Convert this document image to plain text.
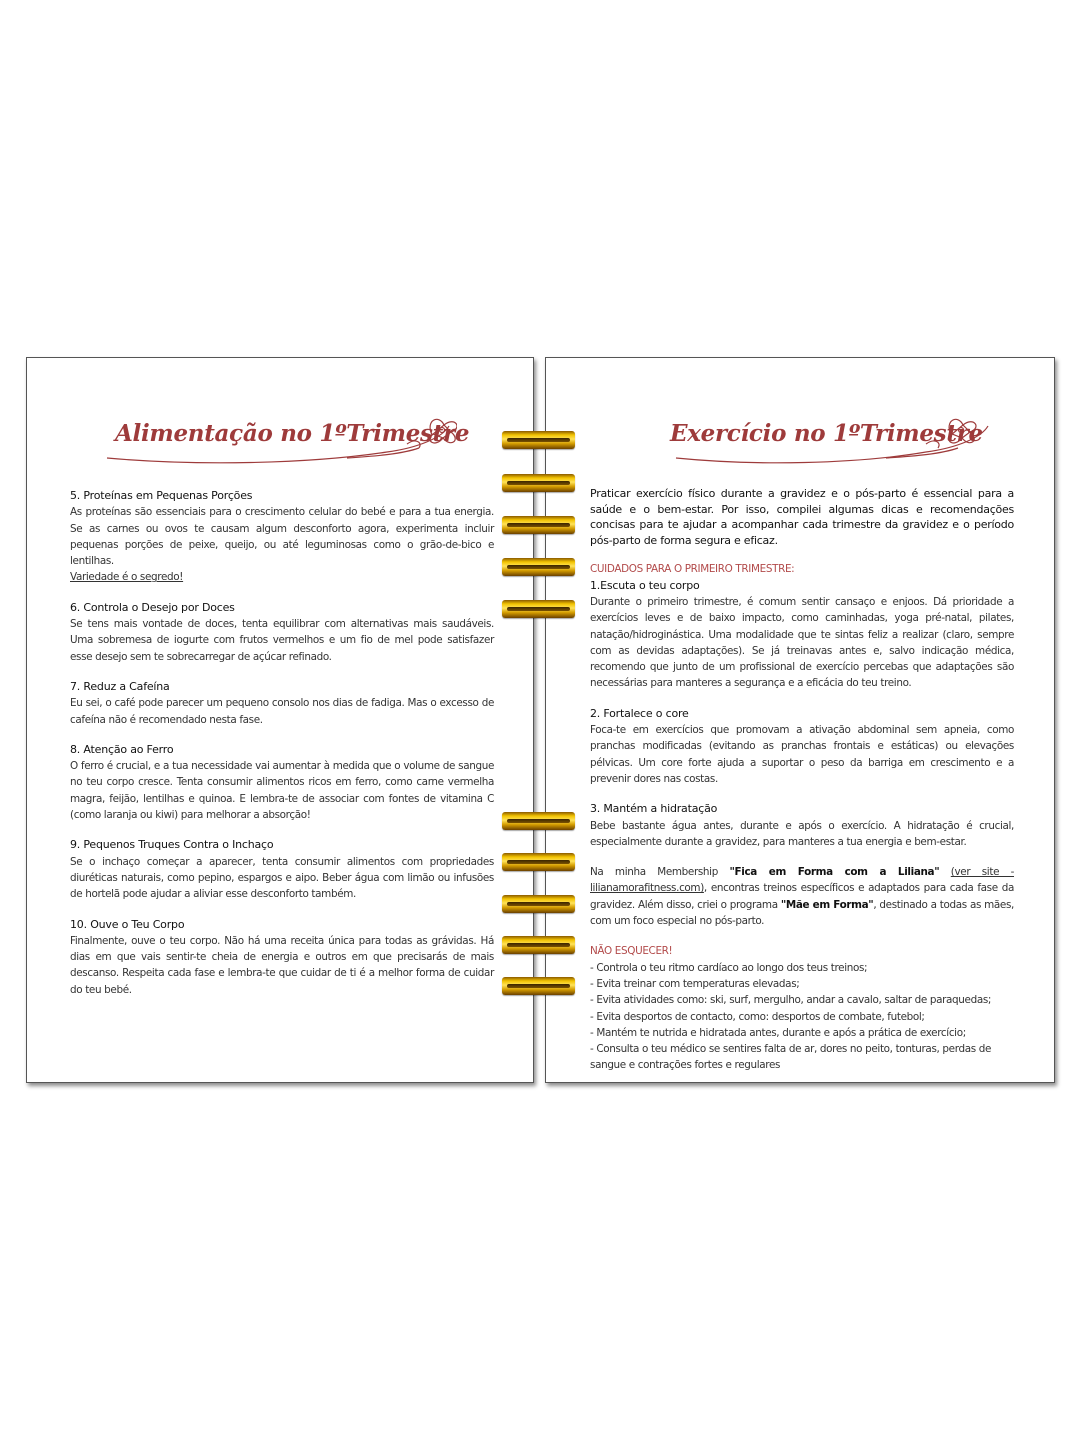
Alimentação no 1ºTrimestre
5. Proteínas em Pequenas Porções
As proteínas são essenciais para o crescimento celular do bebé e para a tua energia. Se as carnes ou ovos te causam algum desconforto agora, experimenta incluir pequenas porções de peixe, queijo, ou até leguminosas como o grão-de-bico e lentilhas.
Variedade é o segredo!
6. Controla o Desejo por Doces
Se tens mais vontade de doces, tenta equilibrar com alternativas mais saudáveis. Uma sobremesa de iogurte com frutos vermelhos e um fio de mel pode satisfazer esse desejo sem te sobrecarregar de açúcar refinado.
7. Reduz a Cafeína
Eu sei, o café pode parecer um pequeno consolo nos dias de fadiga. Mas o excesso de cafeína não é recomendado nesta fase.
8. Atenção ao Ferro
O ferro é crucial, e a tua necessidade vai aumentar à medida que o volume de sangue no teu corpo cresce. Tenta consumir alimentos ricos em ferro, como carne vermelha magra, feijão, lentilhas e quinoa. E lembra-te de associar com fontes de vitamina C (como laranja ou kiwi) para melhorar a absorção!
9. Pequenos Truques Contra o Inchaço
Se o inchaço começar a aparecer, tenta consumir alimentos com propriedades diuréticas naturais, como pepino, espargos e aipo. Beber água com limão ou infusões de hortelã pode ajudar a aliviar esse desconforto também.
10. Ouve o Teu Corpo
Finalmente, ouve o teu corpo. Não há uma receita única para todas as grávidas. Há dias em que vais sentir-te cheia de energia e outros em que precisarás de mais descanso. Respeita cada fase e lembra-te que cuidar de ti é a melhor forma de cuidar do teu bebé.
Exercício no 1ºTrimestre
Praticar exercício físico durante a gravidez e o pós-parto é essencial para a saúde e o bem-estar. Por isso, compilei algumas dicas e recomendações concisas para te ajudar a acompanhar cada trimestre da gravidez e o período pós-parto de forma segura e eficaz.
CUIDADOS PARA O PRIMEIRO TRIMESTRE:
1.Escuta o teu corpo
Durante o primeiro trimestre, é comum sentir cansaço e enjoos. Dá prioridade a exercícios leves e de baixo impacto, como caminhadas, yoga pré-natal, pilates, natação/hidroginástica. Uma modalidade que te sintas feliz a realizar (claro, sempre com as devidas adaptações). Se já treinavas antes e, salvo indicação médica, recomendo que junto de um profissional de exercício percebas que adaptações são necessárias para manteres a segurança e a eficácia do teu treino.
2. Fortalece o core
Foca-te em exercícios que promovam a ativação abdominal sem apneia, como pranchas modificadas (evitando as pranchas frontais e estáticas) ou elevações pélvicas. Um core forte ajuda a suportar o peso da barriga em crescimento e a prevenir dores nas costas.
3. Mantém a hidratação
Bebe bastante água antes, durante e após o exercício. A hidratação é crucial, especialmente durante a gravidez, para manteres a tua energia e bem-estar.
Na minha Membership "Fica em Forma com a Liliana" (ver site - lilianamorafitness.com), encontras treinos específicos e adaptados para cada fase da gravidez. Além disso, criei o programa "Mãe em Forma", destinado a todas as mães, com um foco especial no pós-parto.
NÃO ESQUECER!
- Controla o teu ritmo cardíaco ao longo dos teus treinos;
- Evita treinar com temperaturas elevadas;
- Evita atividades como: ski, surf, mergulho, andar a cavalo, saltar de paraquedas;
- Evita desportos de contacto, como: desportos de combate, futebol;
- Mantém te nutrida e hidratada antes, durante e após a prática de exercício;
- Consulta o teu médico se sentires falta de ar, dores no peito, tonturas, perdas de sangue e contrações fortes e regulares
